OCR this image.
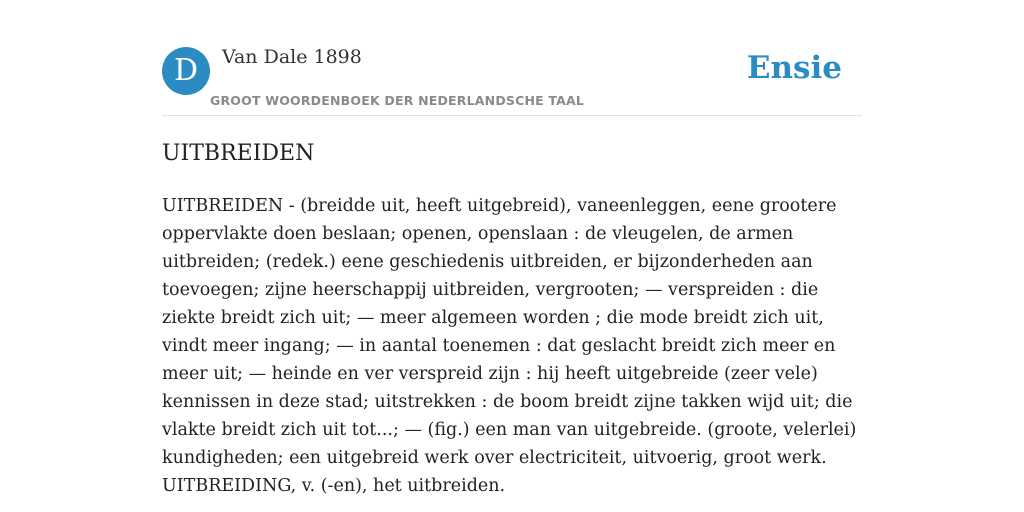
D	Van Dale 1898
GROOT WOORDENBOEK DER NEDERLANDSCHE TAAL
Ensie
UITBREIDEN

UITBREIDEN - (breidde uit, heeft uitgebreid), vaneenleggen, eene grootere oppervlakte doen beslaan; openen, openslaan : de vleugelen, de armen uitbreiden; (redek.) eene geschiedenis uitbreiden, er bijzonderheden aan toevoegen; zijne heerschappij uitbreiden, vergrooten; — verspreiden : die ziekte breidt zich uit; — meer algemeen worden ; die mode breidt zich uit, vindt meer ingang; — in aantal toenemen : dat geslacht breidt zich meer en meer uit; — heinde en ver verspreid zijn : hij heeft uitgebreide (zeer vele) kennissen in deze stad; uitstrekken : de boom breidt zijne takken wijd uit; die vlakte breidt zich uit tot...; — (fig.) een man van uitgebreide. (groote, velerlei) kundigheden; een uitgebreid werk over electriciteit, uitvoerig, groot werk. UITBREIDING, v. (-en), het uitbreiden.
